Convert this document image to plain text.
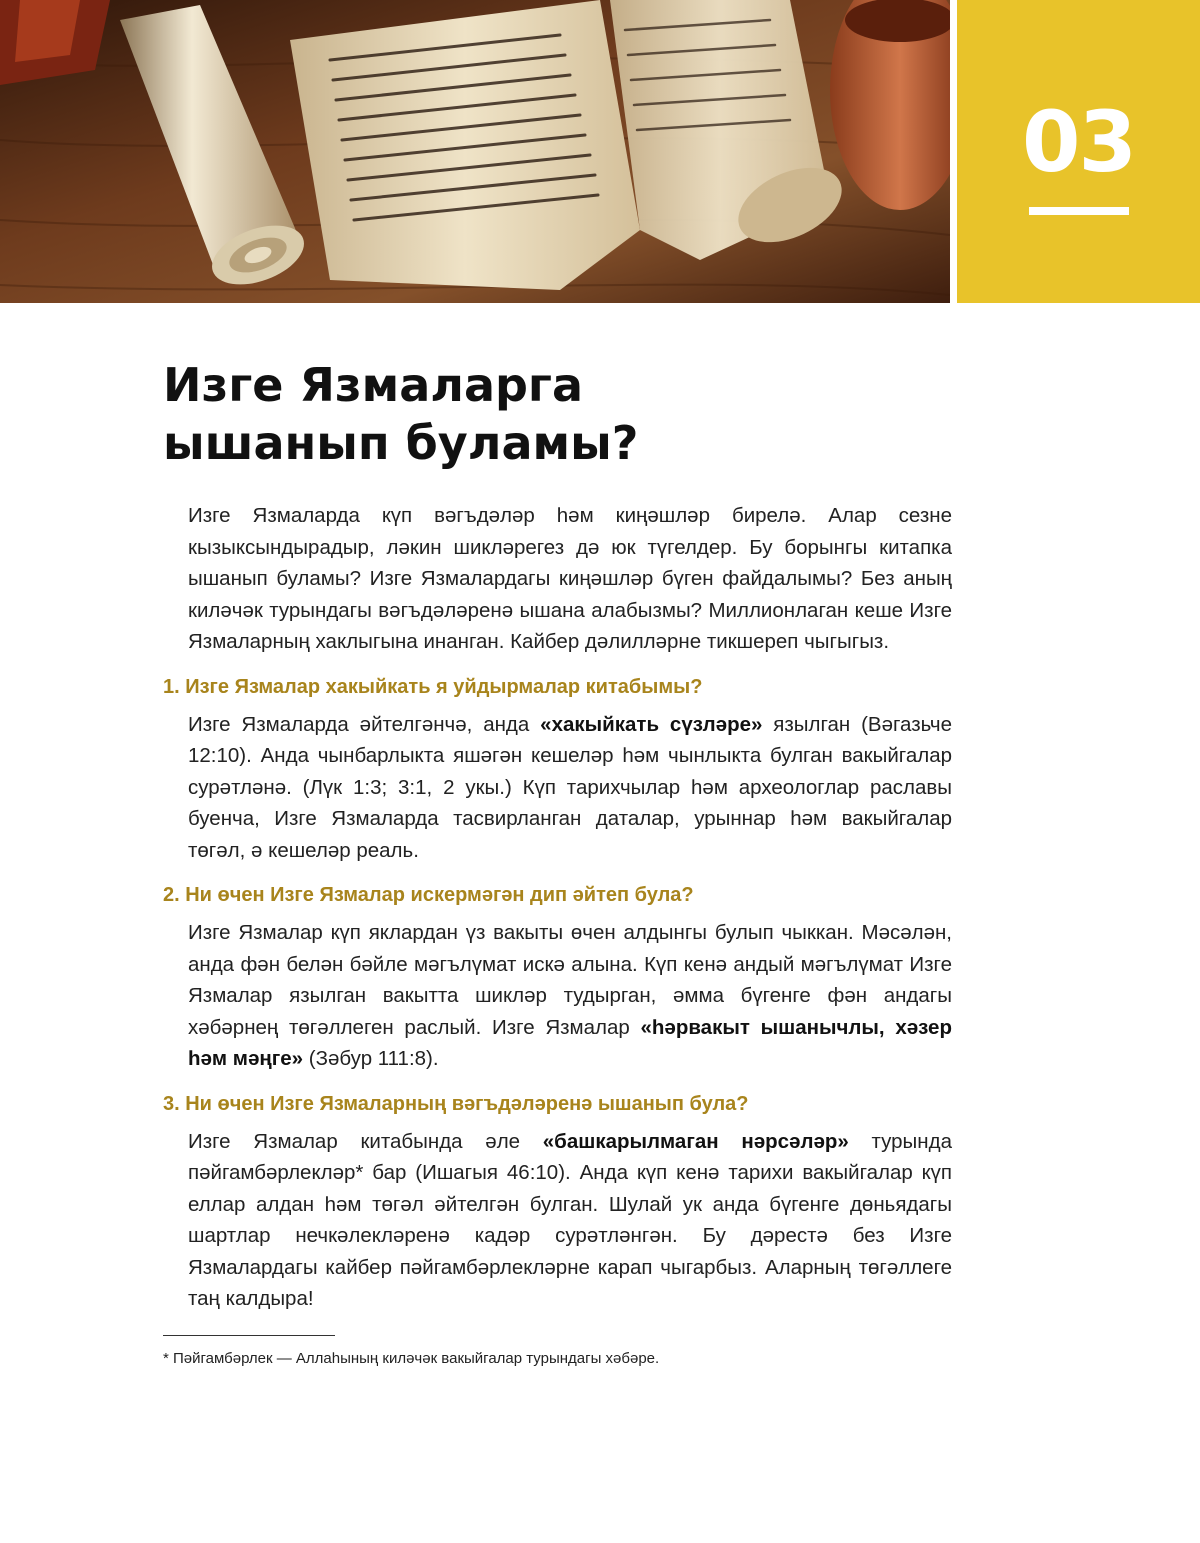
03
Изге Язмаларга
ышанып буламы?

Изге Язмаларда күп вәгъдәләр һәм киңәшләр бирелә. Алар сезне кызыксындырадыр, ләкин шикләрегез дә юк түгелдер. Бу борынгы китапка ышанып буламы? Изге Язмалардагы киңәшләр бүген файдалымы? Без аның киләчәк турындагы вәгъдәләренә ышана алабызмы? Миллионлаган кеше Изге Язмаларның хаклыгына инанган. Кайбер дәлилләрне тикшереп чыгыгыз.

1. Изге Язмалар хакыйкать я уйдырмалар китабымы?

Изге Язмаларда әйтелгәнчә, анда «хакыйкать сүзләре» язылган (Вәгазьче 12:10). Анда чынбарлыкта яшәгән кешеләр һәм чынлыкта булган вакыйгалар сурәтләнә. (Лүк 1:3; 3:1, 2 укы.) Күп тарихчылар һәм археологлар раславы буенча, Изге Язмаларда тасвирланган даталар, урыннар һәм вакыйгалар төгәл, ә кешеләр реаль.

2. Ни өчен Изге Язмалар искермәгән дип әйтеп була?

Изге Язмалар күп яклардан үз вакыты өчен алдынгы булып чыккан. Мәсәлән, анда фән белән бәйле мәгълүмат искә алына. Күп кенә андый мәгълүмат Изге Язмалар язылган вакытта шикләр тудырган, әмма бүгенге фән андагы хәбәрнең төгәллеген раслый. Изге Язмалар «һәрвакыт ышанычлы, хәзер һәм мәңге» (Зәбур 111:8).

3. Ни өчен Изге Язмаларның вәгъдәләренә ышанып була?

Изге Язмалар китабында әле «башкарылмаган нәрсәләр» турында пәйгамбәрлекләр* бар (Ишагыя 46:10). Анда күп кенә тарихи вакыйгалар күп еллар алдан һәм төгәл әйтелгән булган. Шулай ук анда бүгенге дөньядагы шартлар нечкәлекләренә кадәр сурәтләнгән. Бу дәрестә без Изге Язмалардагы кайбер пәйгамбәрлекләрне карап чыгарбыз. Аларның төгәллеге таң калдыра!

* Пәйгамбәрлек — Аллаһының киләчәк вакыйгалар турындагы хәбәре.
